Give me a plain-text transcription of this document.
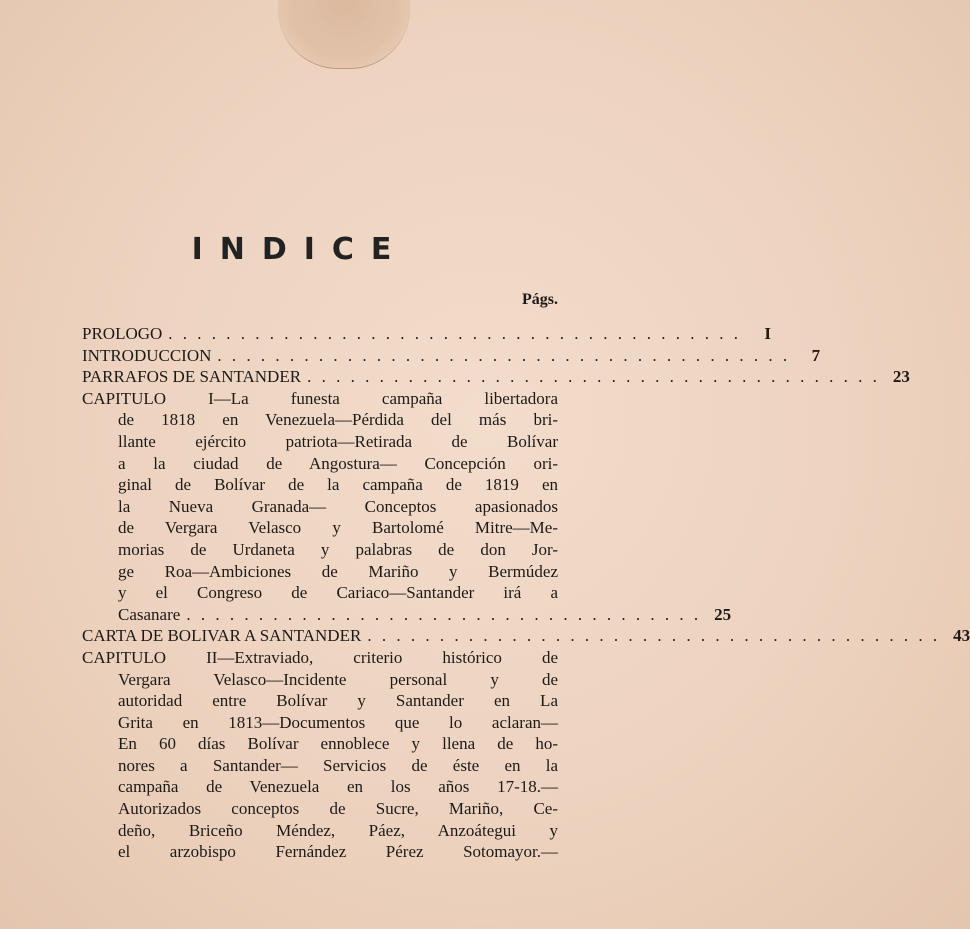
INDICE
Págs.
PROLOGO . . . . . . . . . . . . . . . . . . . . . . . . . . . . . . . . . . . . . . . .	I
INTRODUCCION . . . . . . . . . . . . . . . . . . . . . . . . . . . . . . . . . . . . . . . .	7
PARRAFOS DE SANTANDER . . . . . . . . . . . . . . . . . . . . . . . . . . . . . . . . . . . . . . . . 23
CAPITULO I—La funesta campaña libertadora
de 1818 en Venezuela—Pérdida del más bri-
llante ejército patriota—Retirada de Bolívar
a la ciudad de Angostura— Concepción ori-
ginal de Bolívar de la campaña de 1819 en
la Nueva Granada— Conceptos apasionados
de Vergara Velasco y Bartolomé Mitre—Me-
morias de Urdaneta y palabras de don Jor-
ge Roa—Ambiciones de Mariño y Bermúdez
y el Congreso de Cariaco—Santander irá a
Casanare . . . . . . . . . . . . . . . . . . . . . . . . . . . . . . . . . . . . 25
CARTA DE BOLIVAR A SANTANDER . . . . . . . . . . . . . . . . . . . . . . . . . . . . . . . . . . . . . . . . 43
CAPITULO II—Extraviado, criterio histórico de
Vergara Velasco—Incidente personal y de
autoridad entre Bolívar y Santander en La
Grita en 1813—Documentos que lo aclaran—
En 60 días Bolívar ennoblece y llena de ho-
nores a Santander— Servicios de éste en la
campaña de Venezuela en los años 17-18.—
Autorizados conceptos de Sucre, Mariño, Ce-
deño, Briceño Méndez, Páez, Anzoátegui y
el arzobispo Fernández Pérez Sotomayor.—
